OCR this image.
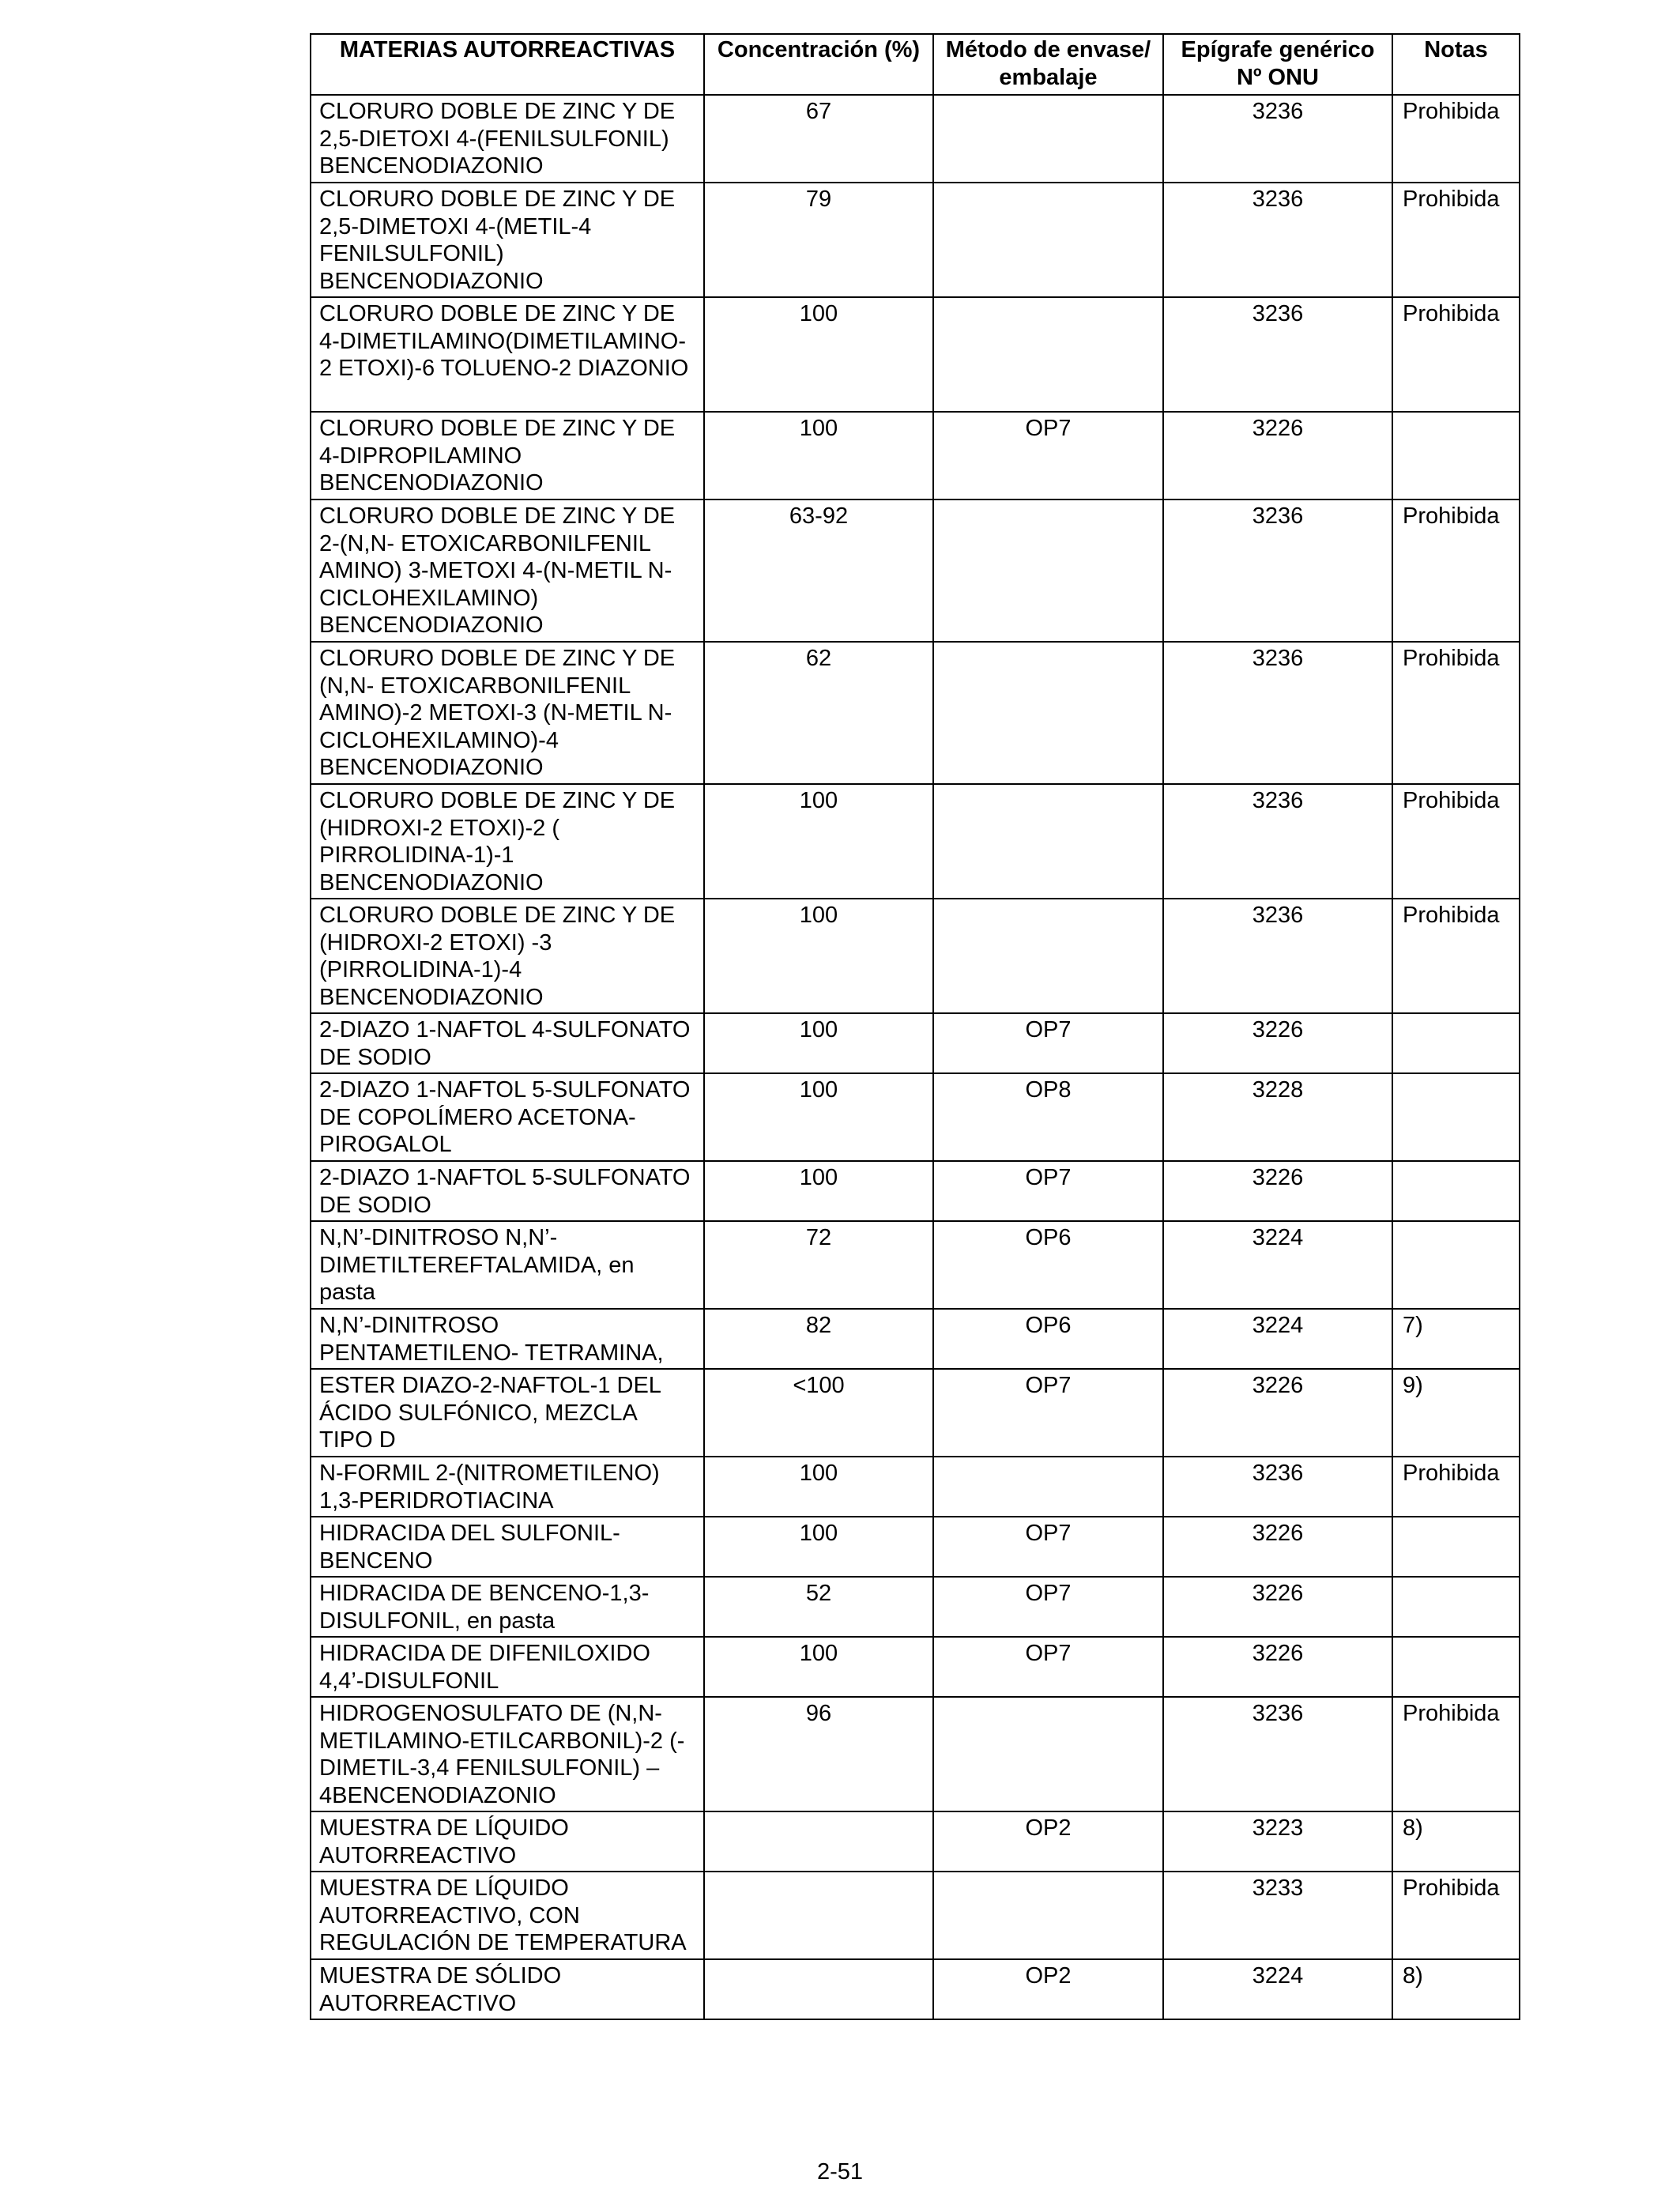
MATERIAS AUTORREACTIVAS	Concentración (%)	Método de envase/ embalaje	Epígrafe genérico Nº ONU	Notas
CLORURO DOBLE DE ZINC Y DE 2,5-DIETOXI 4-(FENILSULFONIL) BENCENODIAZONIO	67		3236	Prohibida
CLORURO DOBLE DE ZINC Y DE 2,5-DIMETOXI 4-(METIL-4 FENILSULFONIL) BENCENODIAZONIO	79		3236	Prohibida
CLORURO DOBLE DE ZINC Y DE 4-DIMETILAMINO(DIMETILAMINO-2 ETOXI)-6 TOLUENO-2 DIAZONIO	100		3236	Prohibida
CLORURO DOBLE DE ZINC Y DE 4-DIPROPILAMINO BENCENODIAZONIO	100	OP7	3226	
CLORURO DOBLE DE ZINC Y DE 2-(N,N- ETOXICARBONILFENIL AMINO) 3-METOXI 4-(N-METIL N-CICLOHEXILAMINO) BENCENODIAZONIO	63-92		3236	Prohibida
CLORURO DOBLE DE ZINC Y DE (N,N- ETOXICARBONILFENIL AMINO)-2 METOXI-3 (N-METIL N-CICLOHEXILAMINO)-4 BENCENODIAZONIO	62		3236	Prohibida
CLORURO DOBLE DE ZINC Y DE (HIDROXI-2 ETOXI)-2 ( PIRROLIDINA-1)-1 BENCENODIAZONIO	100		3236	Prohibida
CLORURO DOBLE DE ZINC Y DE (HIDROXI-2 ETOXI) -3 (PIRROLIDINA-1)-4 BENCENODIAZONIO	100		3236	Prohibida
2-DIAZO 1-NAFTOL 4-SULFONATO DE SODIO	100	OP7	3226	
2-DIAZO 1-NAFTOL 5-SULFONATO DE COPOLÍMERO ACETONA-PIROGALOL	100	OP8	3228	
2-DIAZO 1-NAFTOL 5-SULFONATO DE SODIO	100	OP7	3226	
N,N’-DINITROSO N,N’-DIMETILTEREFTALAMIDA, en pasta	72	OP6	3224	
N,N’-DINITROSO PENTAMETILENO- TETRAMINA,	82	OP6	3224	7)
ESTER DIAZO-2-NAFTOL-1 DEL ÁCIDO SULFÓNICO, MEZCLA TIPO D	<100	OP7	3226	9)
N-FORMIL 2-(NITROMETILENO) 1,3-PERIDROTIACINA	100		3236	Prohibida
HIDRACIDA DEL SULFONIL-BENCENO	100	OP7	3226	
HIDRACIDA DE BENCENO-1,3-DISULFONIL, en pasta	52	OP7	3226	
HIDRACIDA DE DIFENILOXIDO 4,4’-DISULFONIL	100	OP7	3226	
HIDROGENOSULFATO DE (N,N-METILAMINO-ETILCARBONIL)-2 (-DIMETIL-3,4 FENILSULFONIL) – 4BENCENODIAZONIO	96		3236	Prohibida
MUESTRA DE LÍQUIDO AUTORREACTIVO		OP2	3223	8)
MUESTRA DE LÍQUIDO AUTORREACTIVO, CON REGULACIÓN DE TEMPERATURA			3233	Prohibida
MUESTRA DE SÓLIDO AUTORREACTIVO		OP2	3224	8)
2-51
